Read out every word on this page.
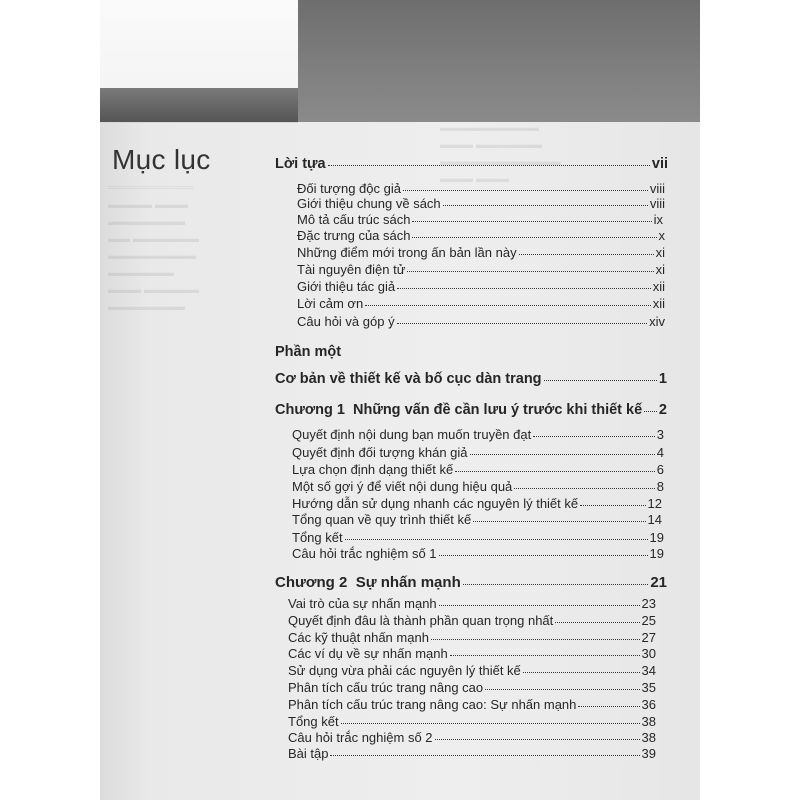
═══════════
▬▬▬▬ ▬▬▬
▬▬▬▬▬▬▬
▬▬ ▬▬▬▬▬▬
▬▬▬▬▬▬▬▬
▬▬▬▬▬▬
▬▬▬ ▬▬▬▬▬
▬▬▬▬▬▬▬
▬▬▬▬▬▬▬▬▬
▬▬▬ ▬▬▬▬▬▬
▬▬▬▬▬▬▬▬▬▬▬
▬▬▬ ▬▬▬
Mục lục	Lời tựa	vii
Đối tượng độc giả	viii
Giới thiệu chung về sách	viii
Mô tả cấu trúc sách	ix
Đặc trưng của sách	x
Những điểm mới trong ấn bản lần này	xi
Tài nguyên điện tử	xi
Giới thiệu tác giả	xii
Lời cảm ơn	xii
Câu hỏi và góp ý	xiv
Phần một
Cơ bản về thiết kế và bố cục dàn trang	1
Chương 1  Những vấn đề cần lưu ý trước khi thiết kế 2
Quyết định nội dung bạn muốn truyền đạt	3
Quyết định đối tượng khán giả	4
Lựa chọn định dạng thiết kế	6
Một số gợi ý để viết nội dung hiệu quả	8
Hướng dẫn sử dụng nhanh các nguyên lý thiết kế	12
Tổng quan về quy trình thiết kế	14
Tổng kết	19
Câu hỏi trắc nghiệm số 1	19
Chương 2  Sự nhấn mạnh	21
Vai trò của sự nhấn mạnh	23
Quyết định đâu là thành phần quan trọng nhất	25
Các kỹ thuật nhấn mạnh	27
Các ví dụ về sự nhấn mạnh	30
Sử dụng vừa phải các nguyên lý thiết kế	34
Phân tích cấu trúc trang nâng cao	35
Phân tích cấu trúc trang nâng cao: Sự nhấn mạnh	36
Tổng kết	38
Câu hỏi trắc nghiệm số 2	38
Bài tập	39
